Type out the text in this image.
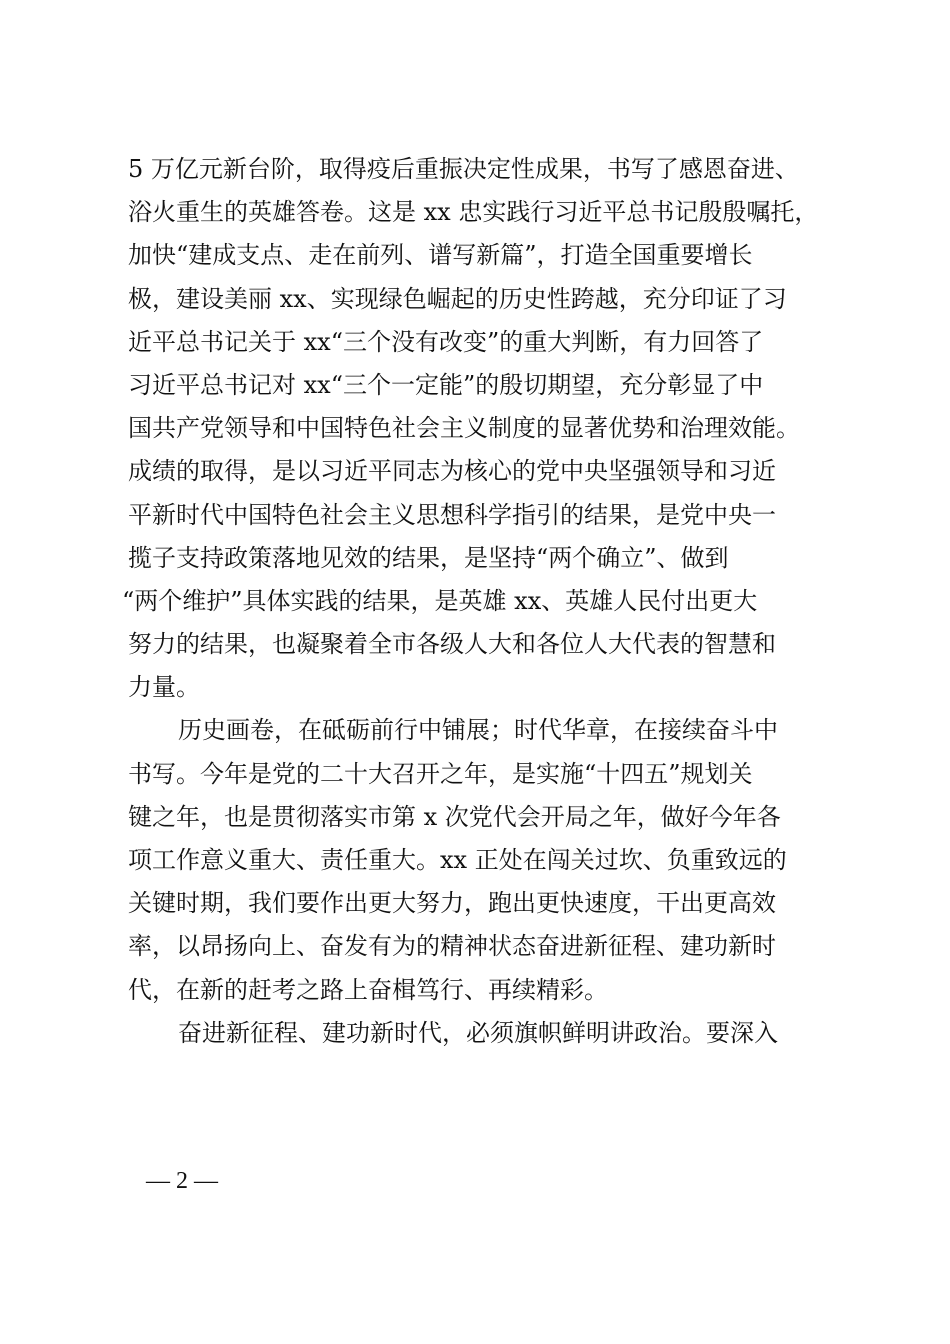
5 万亿元新台阶，取得疫后重振决定性成果，书写了感恩奋进、
浴火重生的英雄答卷。这是 xx 忠实践行习近平总书记殷殷嘱托，
加快“建成支点、走在前列、谱写新篇”，打造全国重要增长
极，建设美丽 xx、实现绿色崛起的历史性跨越，充分印证了习
近平总书记关于 xx“三个没有改变”的重大判断，有力回答了
习近平总书记对 xx“三个一定能”的殷切期望，充分彰显了中
国共产党领导和中国特色社会主义制度的显著优势和治理效能。
成绩的取得，是以习近平同志为核心的党中央坚强领导和习近
平新时代中国特色社会主义思想科学指引的结果，是党中央一
揽子支持政策落地见效的结果，是坚持“两个确立”、做到
“两个维护”具体实践的结果，是英雄 xx、英雄人民付出更大
努力的结果，也凝聚着全市各级人大和各位人大代表的智慧和
力量。
历史画卷，在砥砺前行中铺展；时代华章，在接续奋斗中
书写。今年是党的二十大召开之年，是实施“十四五”规划关
键之年，也是贯彻落实市第 x 次党代会开局之年，做好今年各
项工作意义重大、责任重大。xx 正处在闯关过坎、负重致远的
关键时期，我们要作出更大努力，跑出更快速度，干出更高效
率，以昂扬向上、奋发有为的精神状态奋进新征程、建功新时
代，在新的赶考之路上奋楫笃行、再续精彩。
奋进新征程、建功新时代，必须旗帜鲜明讲政治。要深入
— 2 —
